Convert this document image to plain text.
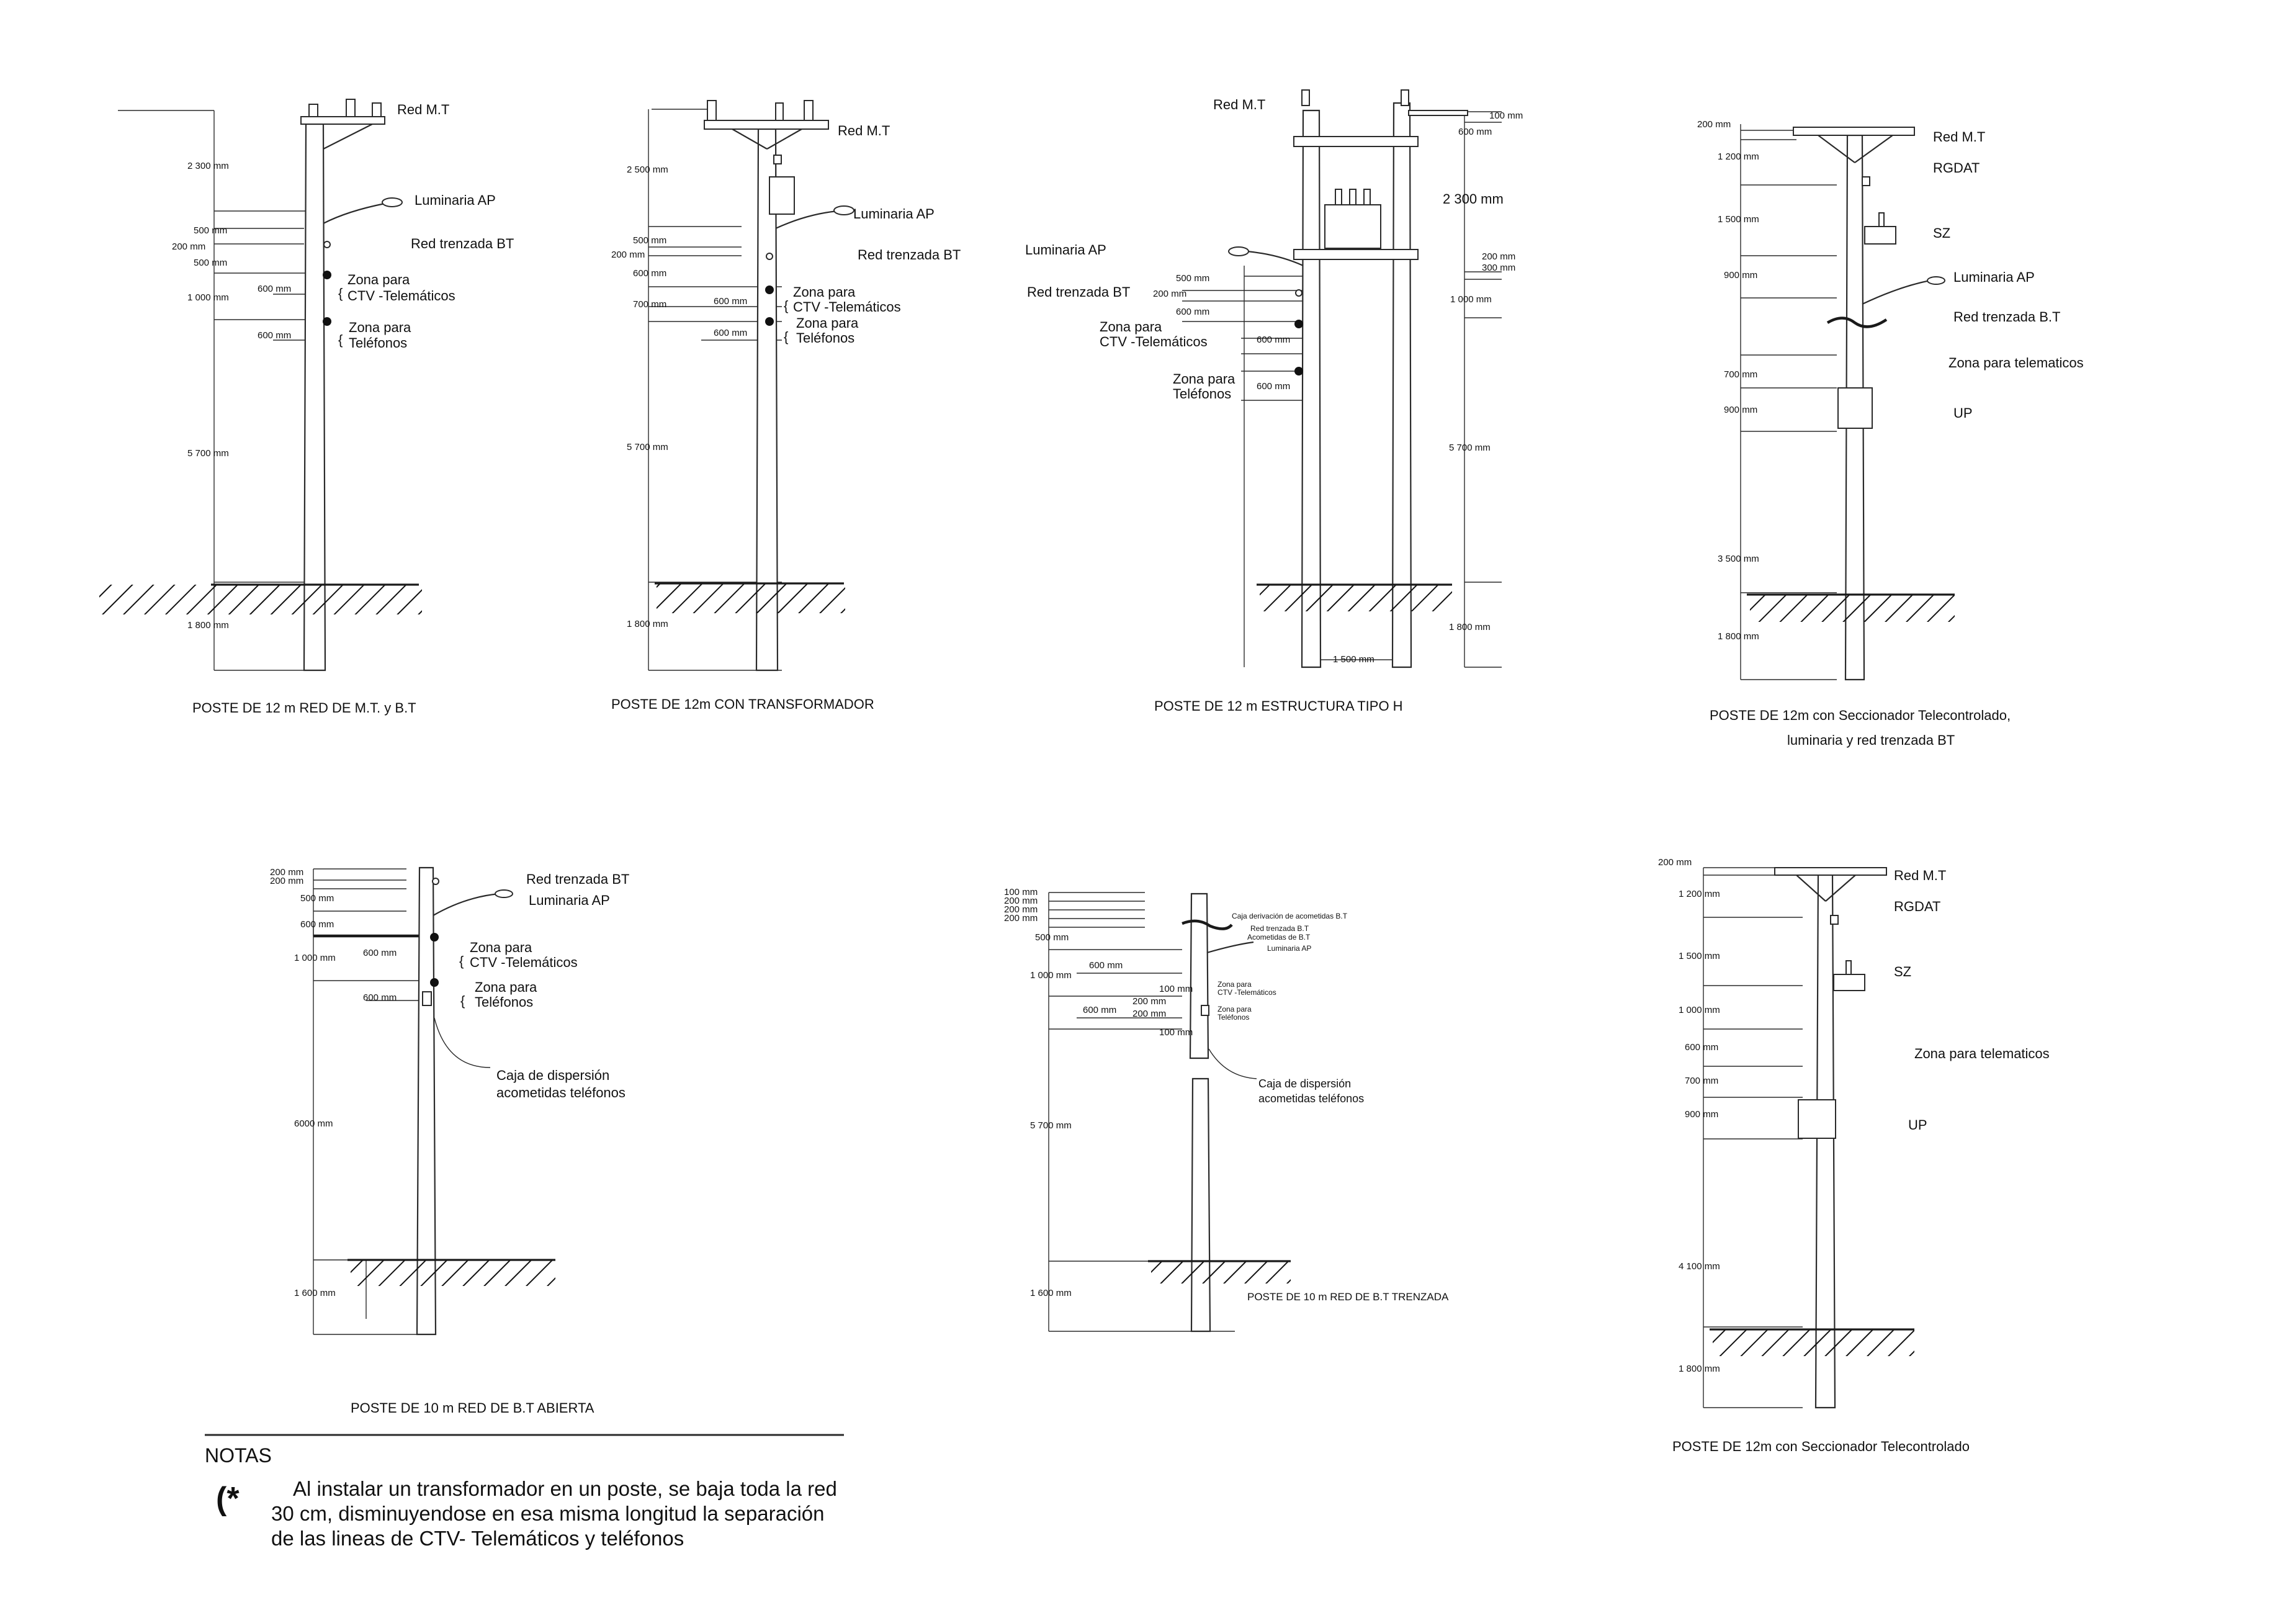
Red M.T
Luminaria AP
Red trenzada BT
Zona para
CTV -Telemáticos
Zona para
Teléfonos
{
{
2 300 mm
500 mm
200 mm
500 mm
600 mm
1 000 mm
600 mm
5 700 mm
1 800 mm
POSTE DE 12 m RED DE M.T. y B.T
Red M.T
Luminaria AP
Red trenzada BT
Zona para
CTV -Telemáticos
Zona para
Teléfonos
{
{
2 500 mm
500 mm
200 mm
600 mm
700 mm	600 mm
600 mm
5 700 mm
1 800 mm
POSTE DE 12m CON TRANSFORMADOR
Red M.T
2 300 mm
Luminaria AP
Red trenzada BT
Zona para
CTV -Telemáticos
Zona para
Teléfonos
100 mm
600 mm
200 mm
300 mm
1 000 mm
500 mm
200 mm
600 mm
600 mm
600 mm
5 700 mm
1 800 mm
1 500 mm
POSTE DE 12 m ESTRUCTURA TIPO H
Red M.T
RGDAT
SZ
Luminaria AP
Red trenzada B.T
Zona para telematicos
UP
200 mm
1 200 mm
1 500 mm
900 mm
700 mm
900 mm
3 500 mm
1 800 mm
POSTE DE 12m con Seccionador Telecontrolado,
luminaria y red trenzada BT
Red trenzada BT
Luminaria AP
Zona para
CTV -Telemáticos
Zona para
Teléfonos
{
{
Caja de dispersión
acometidas teléfonos
200 mm
200 mm
500 mm
600 mm
1 000 mm	600 mm
600 mm
6000 mm
1 600 mm
POSTE DE 10 m RED DE B.T ABIERTA
Caja derivación de acometidas B.T
Red trenzada B.T
Acometidas de B.T
Luminaria AP
Zona para
CTV -Telemáticos
Zona para
Teléfonos
Caja de dispersión
acometidas teléfonos
100 mm
200 mm
200 mm
200 mm
500 mm
600 mm
1 000 mm
100 mm
200 mm
600 mm 200 mm
100 mm
5 700 mm
1 600 mm	POSTE DE 10 m RED DE B.T TRENZADA
Red M.T
RGDAT
SZ
Zona para telematicos
UP
200 mm
1 200 mm
1 500 mm
1 000 mm
600 mm
700 mm
900 mm
4 100 mm
1 800 mm
POSTE DE 12m con Seccionador Telecontrolado
NOTAS
(*	Al instalar un transformador en un poste, se baja toda la red
30 cm, disminuyendose en esa misma longitud la separación
de las lineas de CTV- Telemáticos y teléfonos
